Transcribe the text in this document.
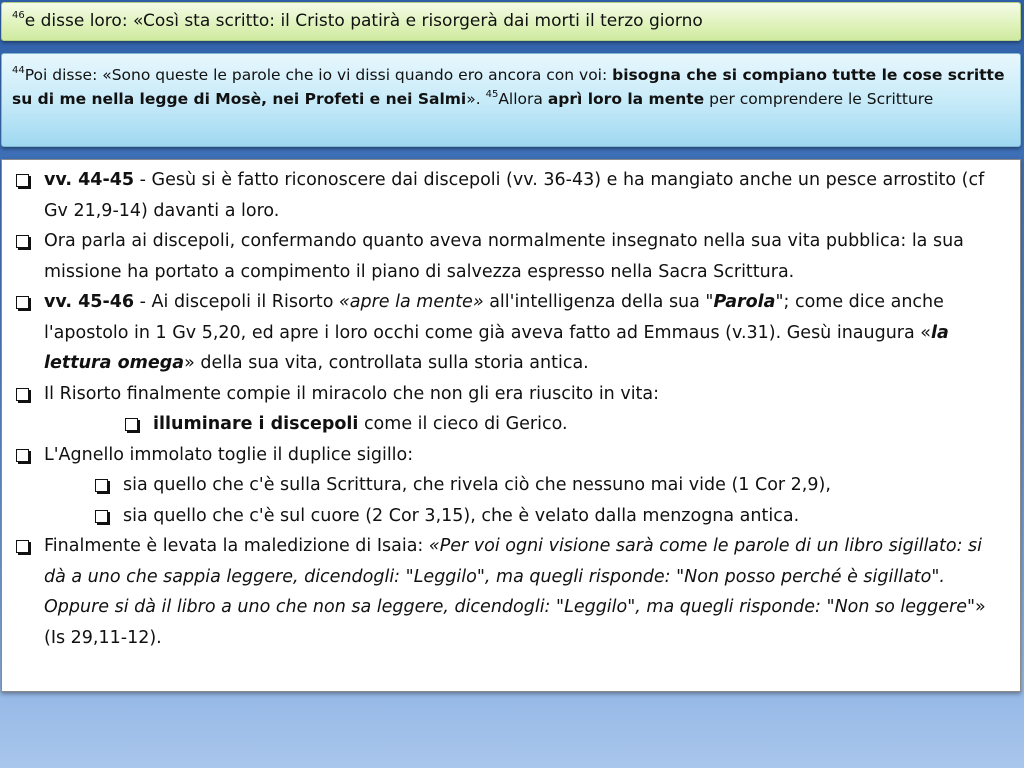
$^{46}$e disse loro: «Così sta scritto: il Cristo patirà e risorgerà dai morti il terzo giorno
$^{44}$Poi disse: «Sono queste le parole che io vi dissi quando ero ancora con voi: bisogna che si compiano tutte le cose scritte su di me nella legge di Mosè, nei Profeti e nei Salmi». $^{45}$Allora aprì loro la mente per comprendere le Scritture
vv. 44-45 - Gesù si è fatto riconoscere dai discepoli (vv. 36-43) e ha mangiato anche un pesce arrostito (cf Gv 21,9-14) davanti a loro.
Ora parla ai discepoli, confermando quanto aveva normalmente insegnato nella sua vita pubblica: la sua missione ha portato a compimento il piano di salvezza espresso nella Sacra Scrittura.
vv. 45-46 - Ai discepoli il Risorto «apre la mente» all'intelligenza della sua "Parola"; come dice anche l'apostolo in 1 Gv 5,20, ed apre i loro occhi come già aveva fatto ad Emmaus (v.31). Gesù inaugura «la lettura omega» della sua vita, controllata sulla storia antica.
Il Risorto finalmente compie il miracolo che non gli era riuscito in vita:
illuminare i discepoli come il cieco di Gerico.
L'Agnello immolato toglie il duplice sigillo:
sia quello che c'è sulla Scrittura, che rivela ciò che nessuno mai vide (1 Cor 2,9),
sia quello che c'è sul cuore (2 Cor 3,15), che è velato dalla menzogna antica.
Finalmente è levata la maledizione di Isaia: «Per voi ogni visione sarà come le parole di un libro sigillato: si dà a uno che sappia leggere, dicendogli: "Leggilo", ma quegli risponde: "Non posso perché è sigillato". Oppure si dà il libro a uno che non sa leggere, dicendogli: "Leggilo", ma quegli risponde: "Non so leggere"» (Is 29,11-12).
